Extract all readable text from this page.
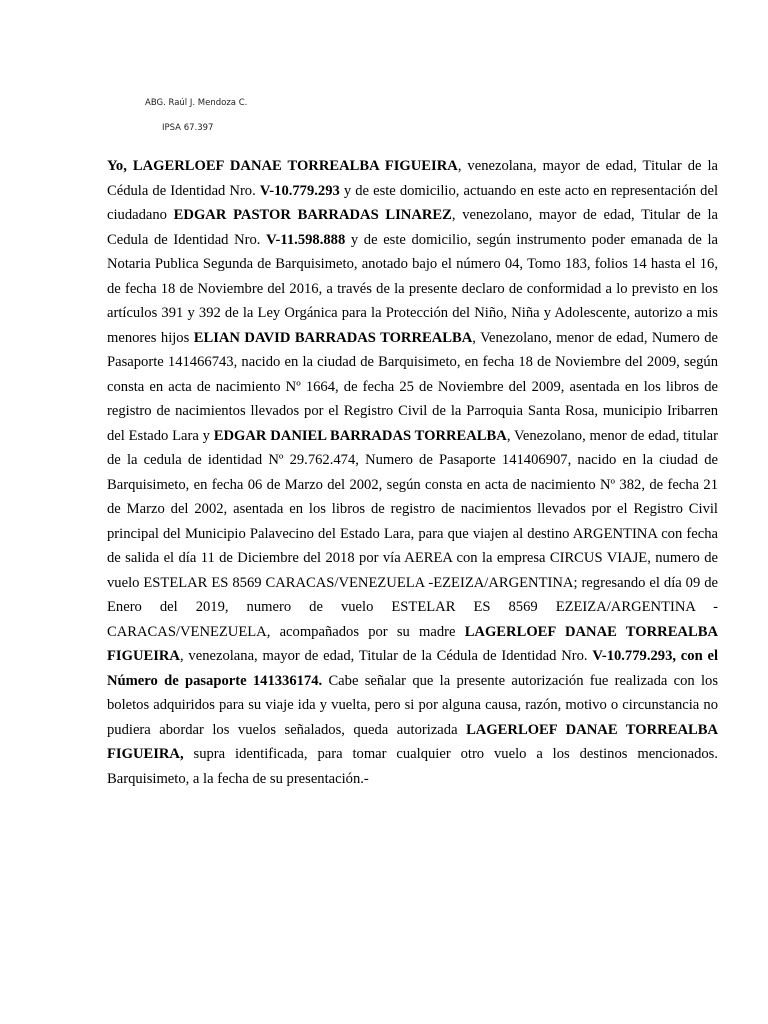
ABG. Raúl J. Mendoza C.
IPSA 67.397

Yo, LAGERLOEF DANAE TORREALBA FIGUEIRA, venezolana, mayor de edad, Titular de la Cédula de Identidad Nro. V-10.779.293 y de este domicilio, actuando en este acto en representación del ciudadano EDGAR PASTOR BARRADAS LINAREZ, venezolano, mayor de edad, Titular de la Cedula de Identidad Nro. V-11.598.888 y de este domicilio, según instrumento poder emanada de la Notaria Publica Segunda de Barquisimeto, anotado bajo el número 04, Tomo 183, folios 14 hasta el 16, de fecha 18 de Noviembre del 2016, a través de la presente declaro de conformidad a lo previsto en los artículos 391 y 392 de la Ley Orgánica para la Protección del Niño, Niña y Adolescente, autorizo a mis menores hijos ELIAN DAVID BARRADAS TORREALBA, Venezolano, menor de edad, Numero de Pasaporte 141466743, nacido en la ciudad de Barquisimeto, en fecha 18 de Noviembre del 2009, según consta en acta de nacimiento Nº 1664, de fecha 25 de Noviembre del 2009, asentada en los libros de registro de nacimientos llevados por el Registro Civil de la Parroquia Santa Rosa, municipio Iribarren del Estado Lara y EDGAR DANIEL BARRADAS TORREALBA, Venezolano, menor de edad, titular de la cedula de identidad Nº 29.762.474, Numero de Pasaporte 141406907, nacido en la ciudad de Barquisimeto, en fecha 06 de Marzo del 2002, según consta en acta de nacimiento Nº 382, de fecha 21 de Marzo del 2002, asentada en los libros de registro de nacimientos llevados por el Registro Civil principal del Municipio Palavecino del Estado Lara, para que viajen al destino ARGENTINA con fecha de salida el día 11 de Diciembre del 2018 por vía AEREA con la empresa CIRCUS VIAJE, numero de vuelo ESTELAR ES 8569 CARACAS/VENEZUELA -EZEIZA/ARGENTINA; regresando el día 09 de Enero del 2019, numero de vuelo ESTELAR ES 8569 EZEIZA/ARGENTINA - CARACAS/VENEZUELA, acompañados por su madre LAGERLOEF DANAE TORREALBA FIGUEIRA, venezolana, mayor de edad, Titular de la Cédula de Identidad Nro. V-10.779.293, con el Número de pasaporte 141336174. Cabe señalar que la presente autorización fue realizada con los boletos adquiridos para su viaje ida y vuelta, pero si por alguna causa, razón, motivo o circunstancia no pudiera abordar los vuelos señalados, queda autorizada LAGERLOEF DANAE TORREALBA FIGUEIRA, supra identificada, para tomar cualquier otro vuelo a los destinos mencionados. Barquisimeto, a la fecha de su presentación.-
